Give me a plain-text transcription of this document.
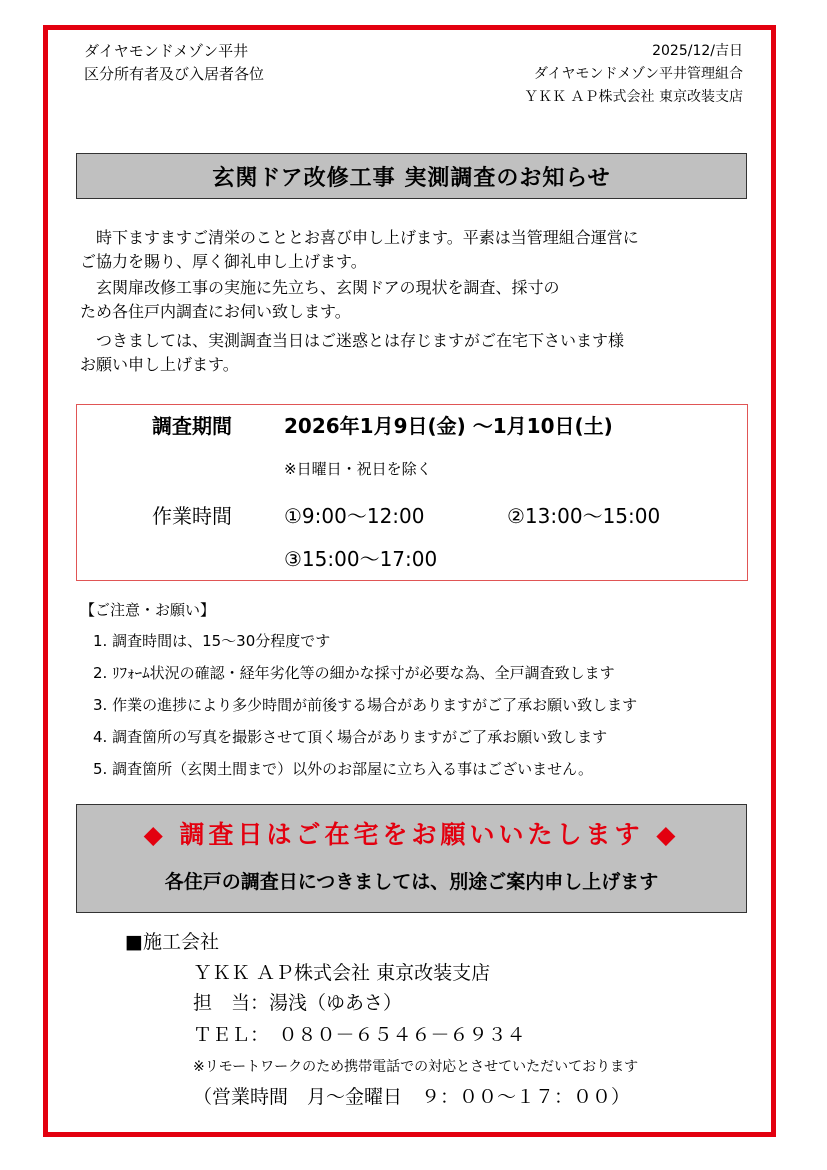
ダイヤモンドメゾン平井
区分所有者及び入居者各位
2025/12/吉日
ダイヤモンドメゾン平井管理組合
ＹＫＫ ＡＰ株式会社 東京改装支店
玄関ドア改修工事 実測調査のお知らせ
　時下ますますご清栄のこととお喜び申し上げます。平素は当管理組合運営に
ご協力を賜り、厚く御礼申し上げます。
　玄関扉改修工事の実施に先立ち、玄関ドアの現状を調査、採寸の
ため各住戸内調査にお伺い致します。
　つきましては、実測調査当日はご迷惑とは存じますがご在宅下さいます様
お願い申し上げます。
調査期間	2026年1月9日(金) ～1月10日(土)
※日曜日・祝日を除く
作業時間	①9:00～12:00	②13:00～15:00
③15:00～17:00
【ご注意・お願い】
1. 調査時間は、15～30分程度です
2. ﾘﾌｫｰﾑ状況の確認・経年劣化等の細かな採寸が必要な為、全戸調査致します
3. 作業の進捗により多少時間が前後する場合がありますがご了承お願い致します
4. 調査箇所の写真を撮影させて頂く場合がありますがご了承お願い致します
5. 調査箇所（玄関土間まで）以外のお部屋に立ち入る事はございません。
◆ 調査日はご在宅をお願いいたします ◆
各住戸の調査日につきましては、別途ご案内申し上げます
■施工会社
ＹＫＫ ＡＰ株式会社 東京改装支店
担　当：湯浅（ゆあさ）
ＴＥＬ：　０８０－６５４６－６９３４
※リモートワークのため携帯電話での対応とさせていただいております
（営業時間　月～金曜日　９：００～１７：００）
